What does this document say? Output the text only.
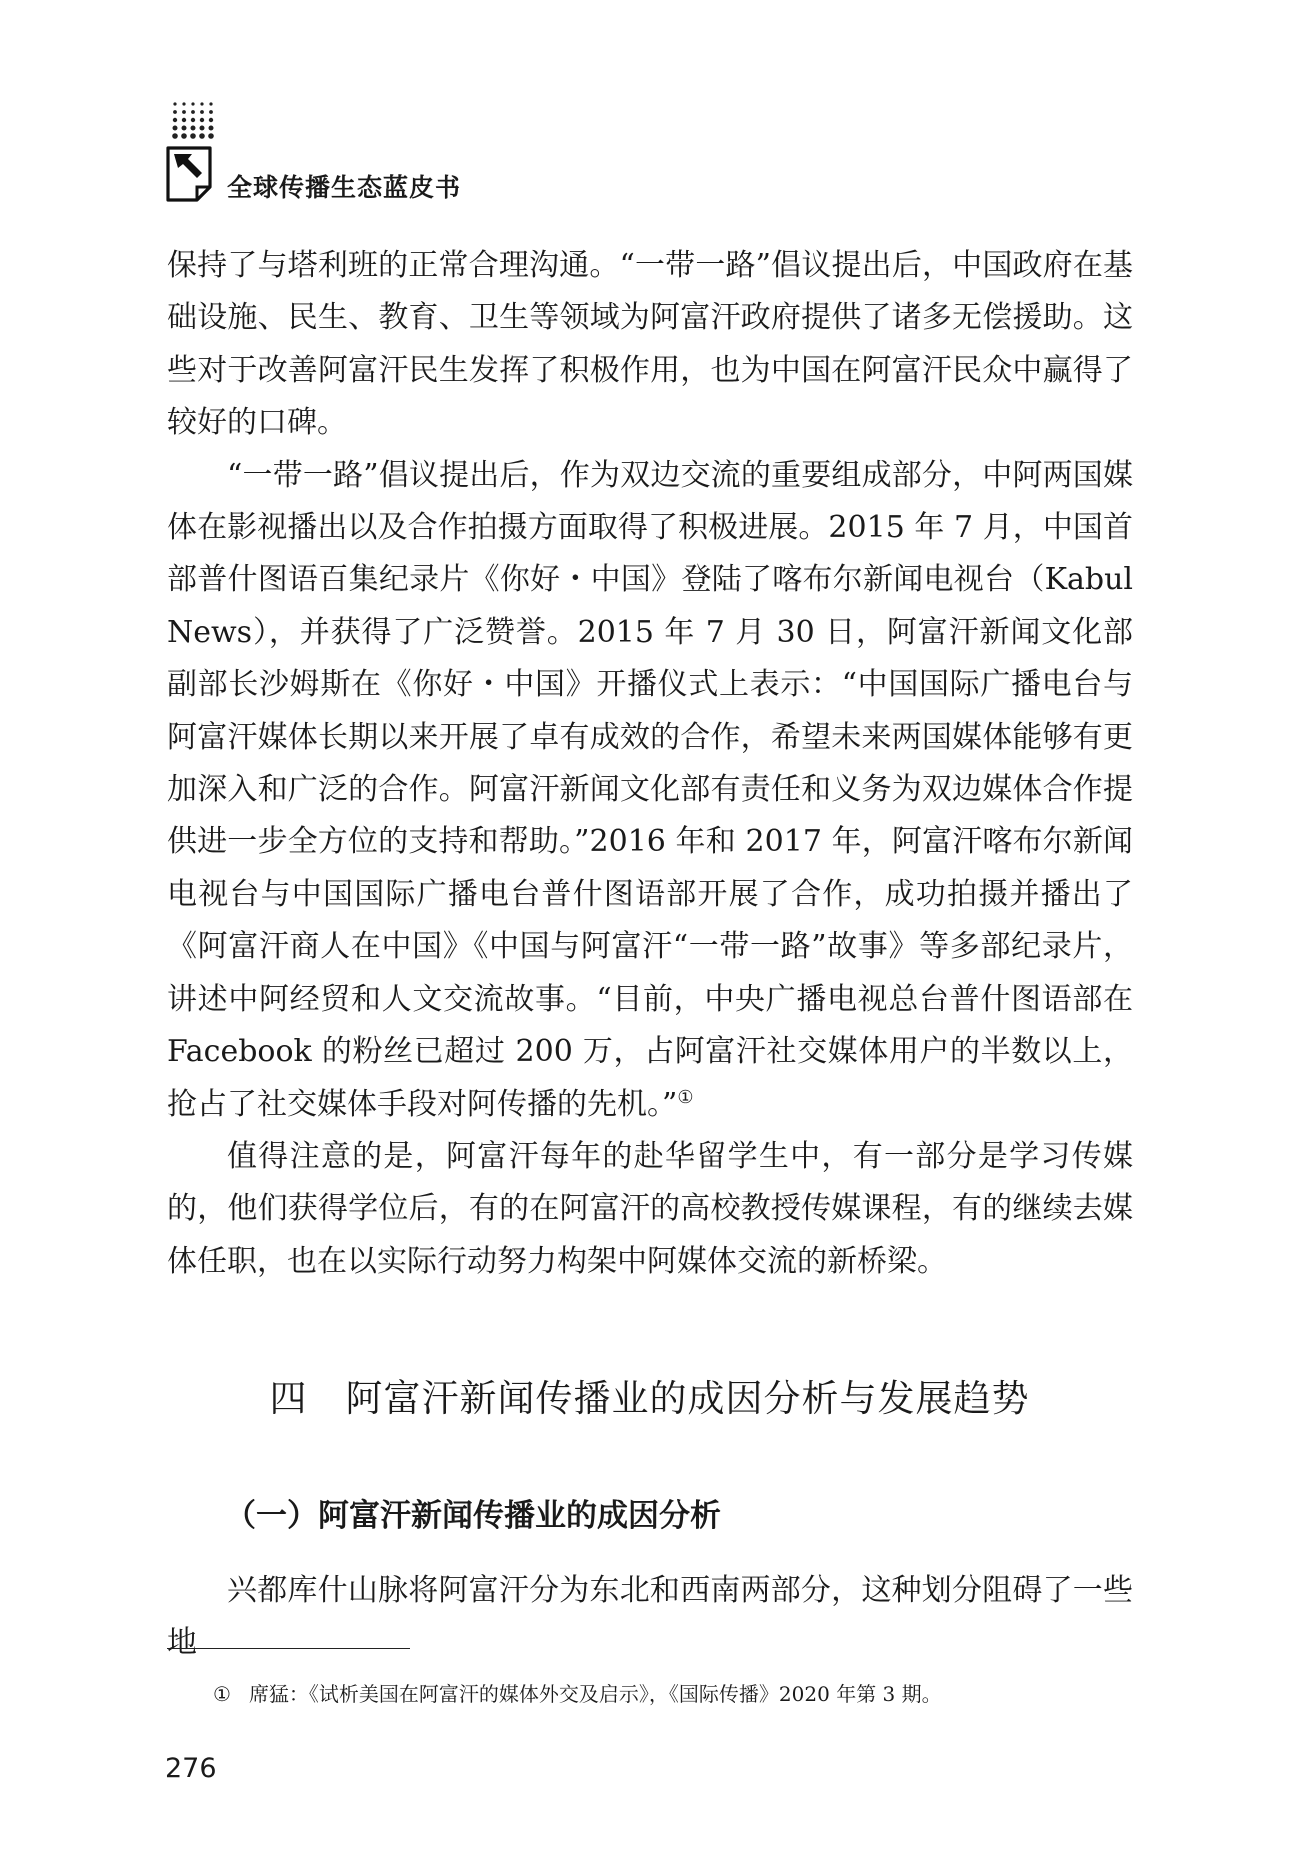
全球传播生态蓝皮书

保持了与塔利班的正常合理沟通。“一带一路”倡议提出后，中国政府在基础设施、民生、教育、卫生等领域为阿富汗政府提供了诸多无偿援助。这些对于改善阿富汗民生发挥了积极作用，也为中国在阿富汗民众中赢得了较好的口碑。

“一带一路”倡议提出后，作为双边交流的重要组成部分，中阿两国媒体在影视播出以及合作拍摄方面取得了积极进展。2015 年 7 月，中国首部普什图语百集纪录片《你好・中国》登陆了喀布尔新闻电视台（Kabul News），并获得了广泛赞誉。2015 年 7 月 30 日，阿富汗新闻文化部副部长沙姆斯在《你好・中国》开播仪式上表示：“中国国际广播电台与阿富汗媒体长期以来开展了卓有成效的合作，希望未来两国媒体能够有更加深入和广泛的合作。阿富汗新闻文化部有责任和义务为双边媒体合作提供进一步全方位的支持和帮助。”2016 年和 2017 年，阿富汗喀布尔新闻电视台与中国国际广播电台普什图语部开展了合作，成功拍摄并播出了《阿富汗商人在中国》《中国与阿富汗“一带一路”故事》等多部纪录片，讲述中阿经贸和人文交流故事。“目前，中央广播电视总台普什图语部在 Facebook 的粉丝已超过 200 万，占阿富汗社交媒体用户的半数以上，抢占了社交媒体手段对阿传播的先机。”①

值得注意的是，阿富汗每年的赴华留学生中，有一部分是学习传媒的，他们获得学位后，有的在阿富汗的高校教授传媒课程，有的继续去媒体任职，也在以实际行动努力构架中阿媒体交流的新桥梁。

四 阿富汗新闻传播业的成因分析与发展趋势
（一）阿富汗新闻传播业的成因分析

兴都库什山脉将阿富汗分为东北和西南两部分，这种划分阻碍了一些地

① 席猛：《试析美国在阿富汗的媒体外交及启示》，《国际传播》2020 年第 3 期。
276
